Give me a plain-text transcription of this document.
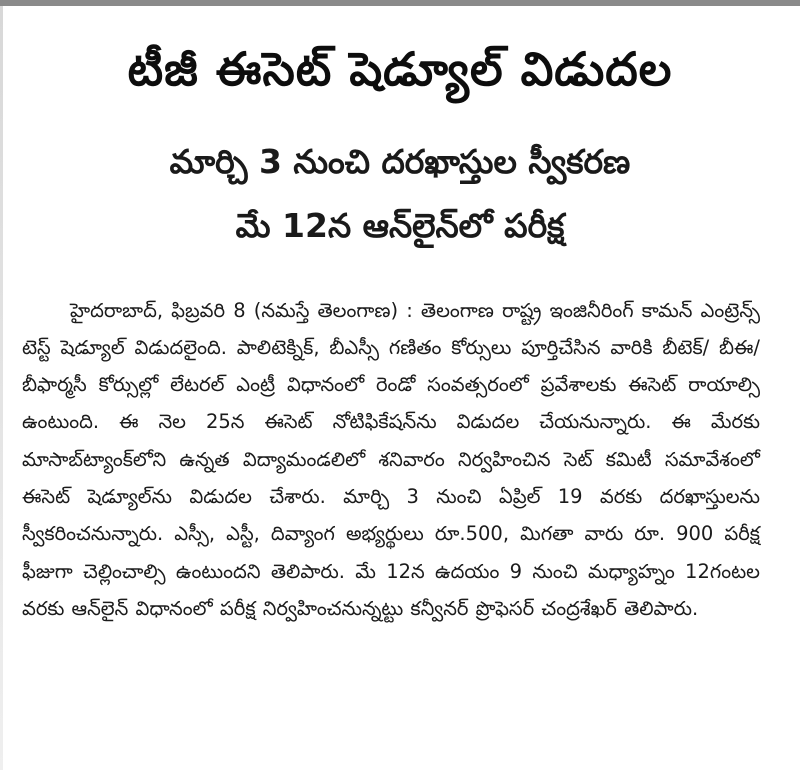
టీజీ ఈసెట్ షెడ్యూల్ విడుదల
మార్చి 3 నుంచి దరఖాస్తుల స్వీకరణ
మే 12న ఆన్‌లైన్‌లో పరీక్ష

హైదరాబాద్, ఫిబ్రవరి 8 (నమస్తే తెలంగాణ) : తెలంగాణ రాష్ట్ర ఇంజినీరింగ్ కామన్ ఎంట్రెన్స్ టెస్ట్ షెడ్యూల్ విడుదలైంది. పాలిటెక్నిక్, బీఎస్సీ గణితం కోర్సులు పూర్తిచేసిన వారికి బీటెక్/ బీఈ/ బీఫార్మసీ కోర్సుల్లో లేటరల్ ఎంట్రీ విధానంలో రెండో సంవత్సరంలో ప్రవేశాలకు ఈసెట్ రాయాల్సి ఉంటుంది. ఈ నెల 25న ఈసెట్ నోటిఫికేషన్‌ను విడుదల చేయనున్నారు. ఈ మేరకు మాసాబ్‌ట్యాంక్‌లోని ఉన్నత విద్యామండలిలో శనివారం నిర్వహించిన సెట్ కమిటీ సమావేశంలో ఈసెట్ షెడ్యూల్‌ను విడుదల చేశారు. మార్చి 3 నుంచి ఏప్రిల్ 19 వరకు దరఖాస్తులను స్వీకరించనున్నారు. ఎస్సీ, ఎస్టీ, దివ్యాంగ అభ్యర్థులు రూ.500, మిగతా వారు రూ. 900 పరీక్ష ఫీజుగా చెల్లించాల్సి ఉంటుందని తెలిపారు. మే 12న ఉదయం 9 నుంచి మధ్యాహ్నం 12గంటల వరకు ఆన్‌లైన్ విధానంలో పరీక్ష నిర్వహించనున్నట్టు కన్వీనర్ ప్రొఫెసర్ చంద్రశేఖర్ తెలిపారు.
